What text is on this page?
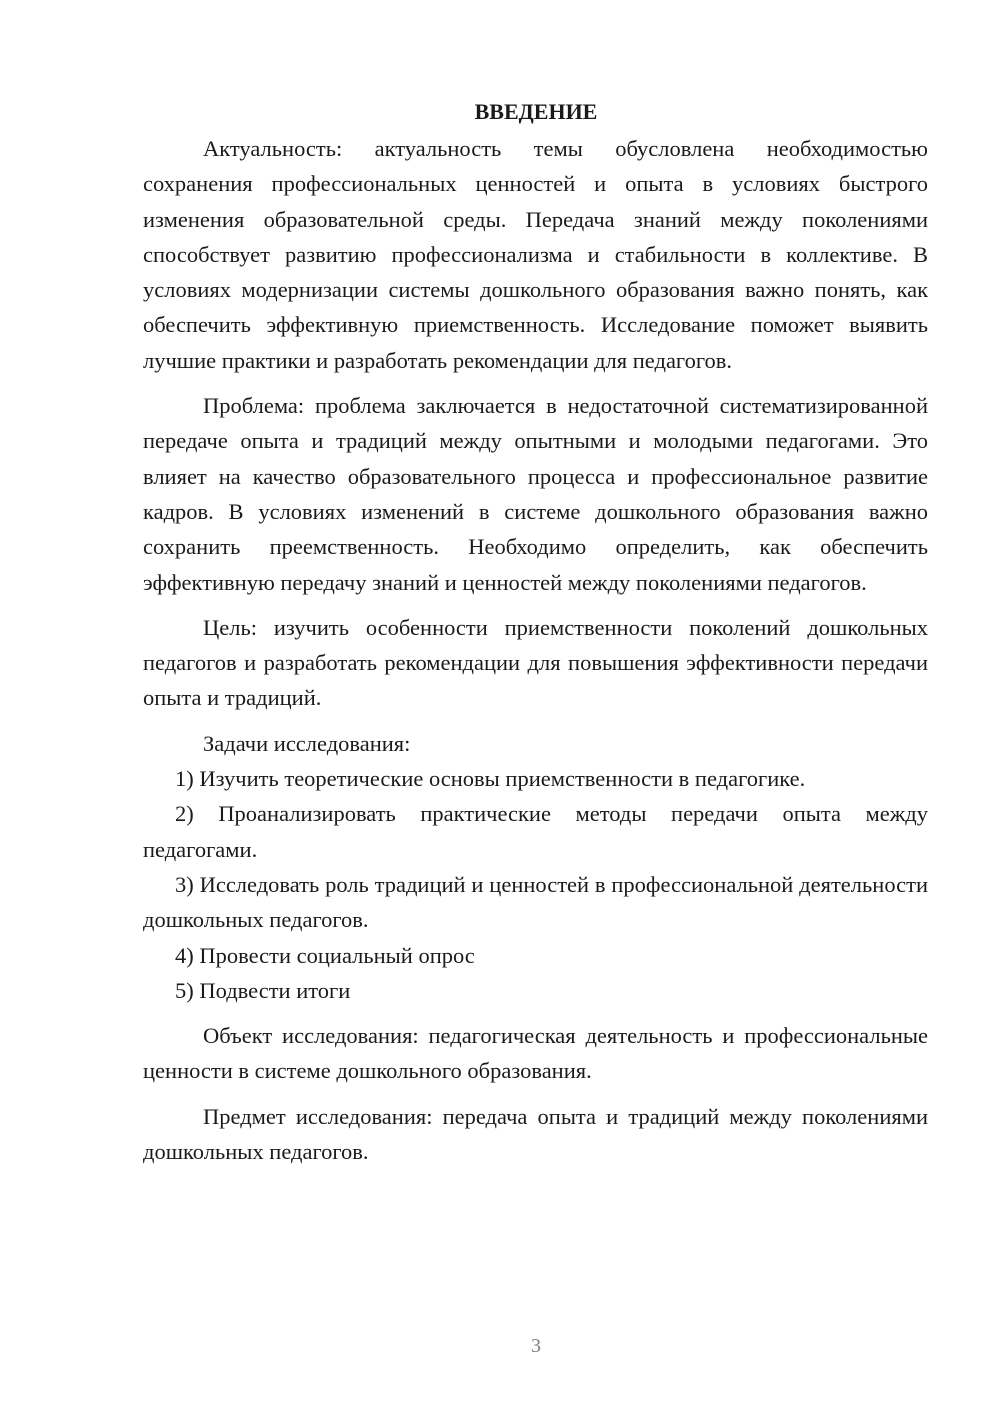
ВВЕДЕНИЕ

Актуальность: актуальность темы обусловлена необходимостью сохранения профессиональных ценностей и опыта в условиях быстрого изменения образовательной среды. Передача знаний между поколениями способствует развитию профессионализма и стабильности в коллективе. В условиях модернизации системы дошкольного образования важно понять, как обеспечить эффективную приемственность. Исследование поможет выявить лучшие практики и разработать рекомендации для педагогов.

Проблема: проблема заключается в недостаточной систематизированной передаче опыта и традиций между опытными и молодыми педагогами. Это влияет на качество образовательного процесса и профессиональное развитие кадров. В условиях изменений в системе дошкольного образования важно сохранить преемственность. Необходимо определить, как обеспечить эффективную передачу знаний и ценностей между поколениями педагогов.

Цель: изучить особенности приемственности поколений дошкольных педагогов и разработать рекомендации для повышения эффективности передачи опыта и традиций.

Задачи исследования:

1) Изучить теоретические основы приемственности в педагогике.

2) Проанализировать практические методы передачи опыта между педагогами.

3) Исследовать роль традиций и ценностей в профессиональной деятельности дошкольных педагогов.

4) Провести социальный опрос

5) Подвести итоги

Объект исследования: педагогическая деятельность и профессиональные ценности в системе дошкольного образования.

Предмет исследования: передача опыта и традиций между поколениями дошкольных педагогов.

3
